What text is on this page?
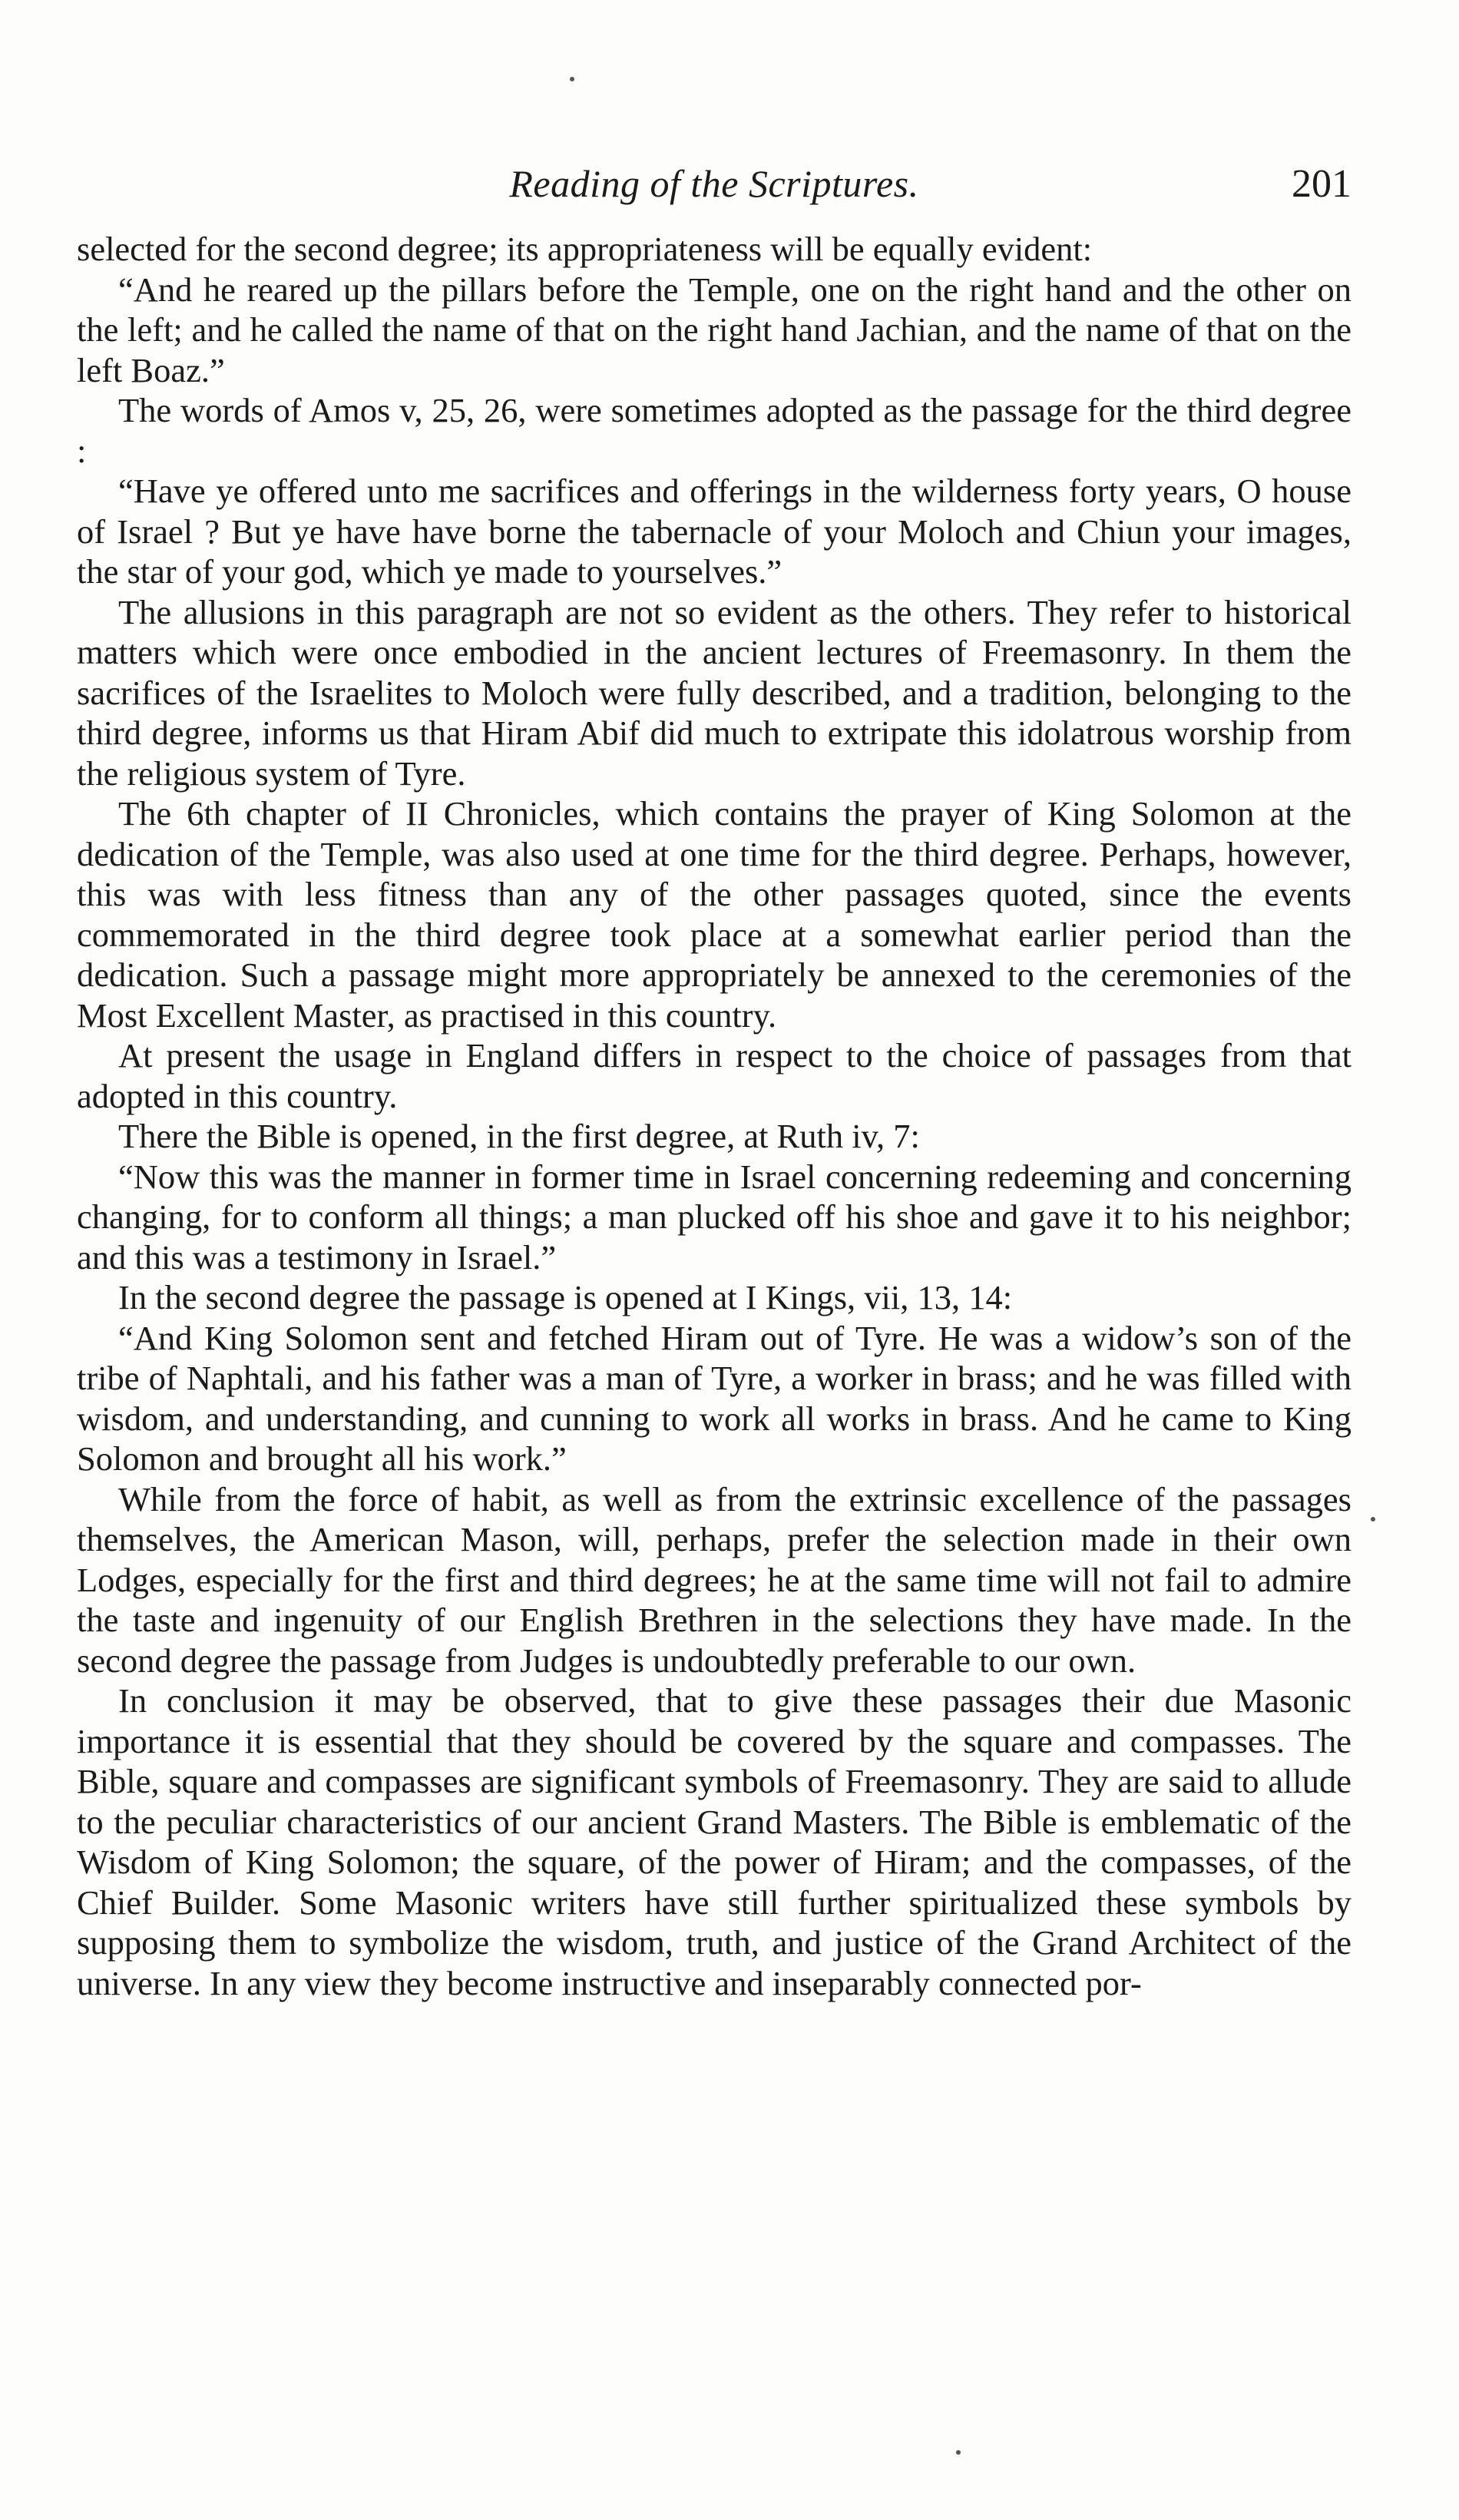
Reading of the Scriptures.	201

selected for the second degree; its appropriateness will be equally evident:

“And he reared up the pillars before the Temple, one on the right hand and the other on the left; and he called the name of that on the right hand Jachian, and the name of that on the left Boaz.”

The words of Amos v, 25, 26, were sometimes adopted as the passage for the third degree :

“Have ye offered unto me sacrifices and offerings in the wilderness forty years, O house of Israel ? But ye have have borne the tabernacle of your Moloch and Chiun your images, the star of your god, which ye made to yourselves.”

The allusions in this paragraph are not so evident as the others. They refer to historical matters which were once embodied in the ancient lectures of Freemasonry. In them the sacrifices of the Israelites to Moloch were fully described, and a tradition, belonging to the third degree, informs us that Hiram Abif did much to extripate this idolatrous worship from the religious system of Tyre.

The 6th chapter of II Chronicles, which contains the prayer of King Solomon at the dedication of the Temple, was also used at one time for the third degree. Perhaps, however, this was with less fitness than any of the other passages quoted, since the events commemorated in the third degree took place at a somewhat earlier period than the dedication. Such a passage might more appropriately be annexed to the ceremonies of the Most Excellent Master, as practised in this country.

At present the usage in England differs in respect to the choice of passages from that adopted in this country.

There the Bible is opened, in the first degree, at Ruth iv, 7:

“Now this was the manner in former time in Israel concerning redeeming and concerning changing, for to conform all things; a man plucked off his shoe and gave it to his neighbor; and this was a testimony in Israel.”

In the second degree the passage is opened at I Kings, vii, 13, 14:

“And King Solomon sent and fetched Hiram out of Tyre. He was a widow’s son of the tribe of Naphtali, and his father was a man of Tyre, a worker in brass; and he was filled with wisdom, and understanding, and cunning to work all works in brass. And he came to King Solomon and brought all his work.”

While from the force of habit, as well as from the extrinsic excellence of the passages themselves, the American Mason, will, perhaps, prefer the selection made in their own Lodges, especially for the first and third degrees; he at the same time will not fail to admire the taste and ingenuity of our English Brethren in the selections they have made. In the second degree the passage from Judges is undoubtedly preferable to our own.

In conclusion it may be observed, that to give these passages their due Masonic importance it is essential that they should be covered by the square and compasses. The Bible, square and compasses are significant symbols of Freemasonry. They are said to allude to the peculiar characteristics of our ancient Grand Masters. The Bible is emblematic of the Wisdom of King Solomon; the square, of the power of Hiram; and the compasses, of the Chief Builder. Some Masonic writers have still further spiritualized these symbols by supposing them to symbolize the wisdom, truth, and justice of the Grand Architect of the universe. In any view they become instructive and inseparably connected por-
